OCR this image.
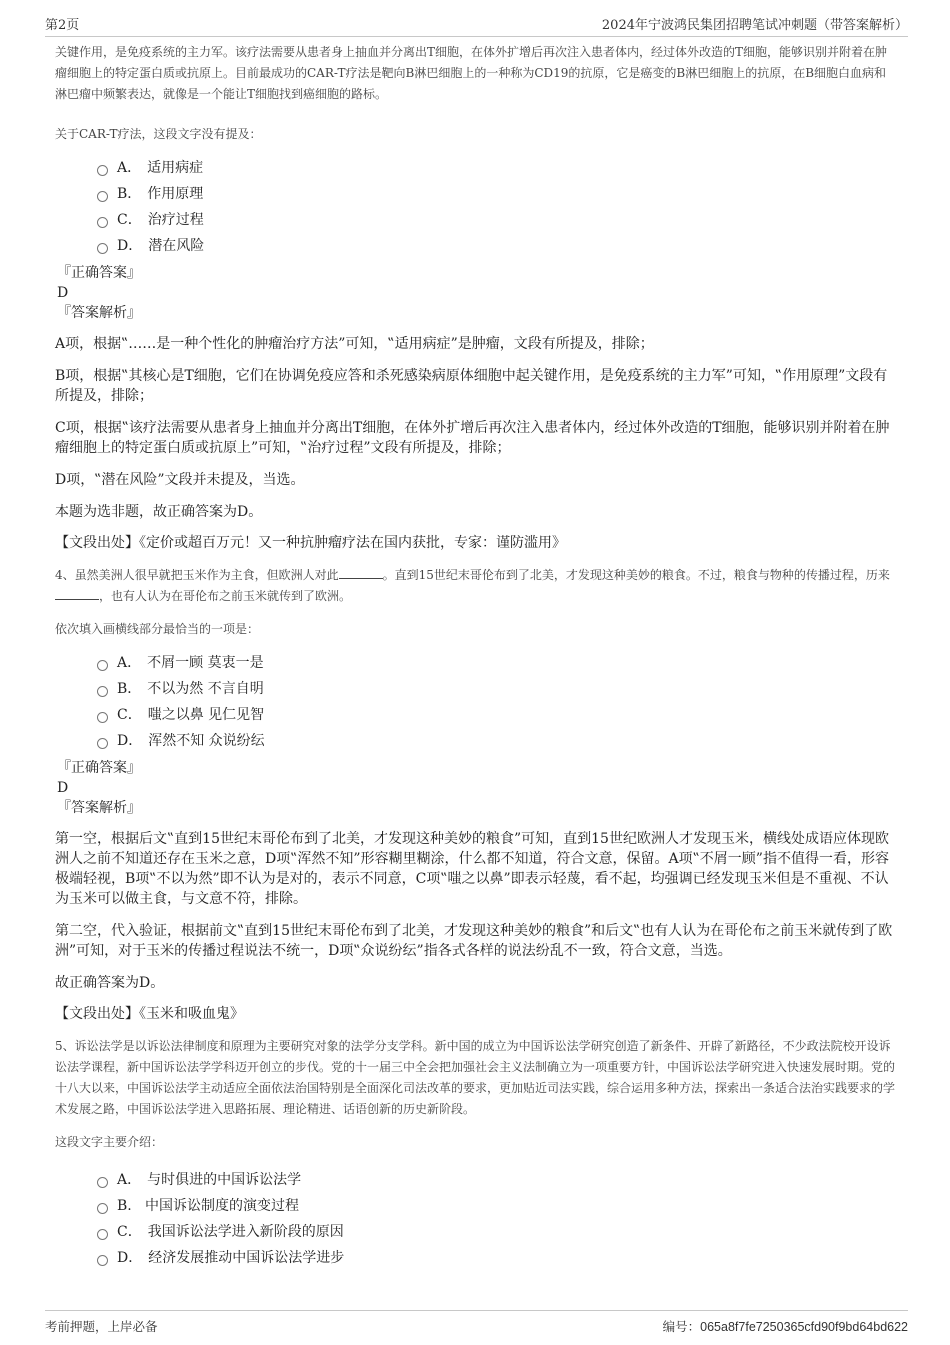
第2页	2024年宁波鸿民集团招聘笔试冲刺题（带答案解析）

关键作用，是免疫系统的主力军。该疗法需要从患者身上抽血并分离出T细胞，在体外扩增后再次注入患者体内，经过体外改造的T细胞，能够识别并附着在肿瘤细胞上的特定蛋白质或抗原上。目前最成功的CAR-T疗法是靶向B淋巴细胞上的一种称为CD19的抗原，它是癌变的B淋巴细胞上的抗原，在B细胞白血病和淋巴瘤中频繁表达，就像是一个能让T细胞找到癌细胞的路标。

关于CAR-T疗法，这段文字没有提及：

A． 适用病症
B． 作用原理
C． 治疗过程
D． 潜在风险

『正确答案』

D

『答案解析』

A项，根据‟……是一种个性化的肿瘤治疗方法”可知，‟适用病症”是肿瘤，文段有所提及，排除；

B项，根据‟其核心是T细胞，它们在协调免疫应答和杀死感染病原体细胞中起关键作用，是免疫系统的主力军”可知，‟作用原理”文段有所提及，排除；

C项，根据‟该疗法需要从患者身上抽血并分离出T细胞，在体外扩增后再次注入患者体内，经过体外改造的T细胞，能够识别并附着在肿瘤细胞上的特定蛋白质或抗原上”可知，‟治疗过程”文段有所提及，排除；

D项，‟潜在风险”文段并未提及，当选。

本题为选非题，故正确答案为D。

【文段出处】《定价或超百万元！又一种抗肿瘤疗法在国内获批，专家：谨防滥用》

4、虽然美洲人很早就把玉米作为主食，但欧洲人对此	。直到15世纪末哥伦布到了北美，才发现这种美妙的粮食。不过，粮食与物种的传播过程，历来，也有人认为在哥伦布之前玉米就传到了欧洲。

依次填入画横线部分最恰当的一项是：

A． 不屑一顾 莫衷一是
B． 不以为然 不言自明
C． 嗤之以鼻 见仁见智
D． 浑然不知 众说纷纭

『正确答案』

D

『答案解析』

第一空，根据后文‟直到15世纪末哥伦布到了北美，才发现这种美妙的粮食”可知，直到15世纪欧洲人才发现玉米，横线处成语应体现欧洲人之前不知道还存在玉米之意，D项‟浑然不知”形容糊里糊涂，什么都不知道，符合文意，保留。A项‟不屑一顾”指不值得一看，形容极端轻视，B项‟不以为然”即不认为是对的，表示不同意，C项‟嗤之以鼻”即表示轻蔑，看不起，均强调已经发现玉米但是不重视、不认为玉米可以做主食，与文意不符，排除。

第二空，代入验证，根据前文‟直到15世纪末哥伦布到了北美，才发现这种美妙的粮食”和后文‟也有人认为在哥伦布之前玉米就传到了欧洲”可知，对于玉米的传播过程说法不统一，D项‟众说纷纭”指各式各样的说法纷乱不一致，符合文意，当选。

故正确答案为D。

【文段出处】《玉米和吸血鬼》

5、诉讼法学是以诉讼法律制度和原理为主要研究对象的法学分支学科。新中国的成立为中国诉讼法学研究创造了新条件、开辟了新路径，不少政法院校开设诉讼法学课程，新中国诉讼法学学科迈开创立的步伐。党的十一届三中全会把加强社会主义法制确立为一项重要方针，中国诉讼法学研究进入快速发展时期。党的十八大以来，中国诉讼法学主动适应全面依法治国特别是全面深化司法改革的要求，更加贴近司法实践，综合运用多种方法，探索出一条适合法治实践要求的学术发展之路，中国诉讼法学进入思路拓展、理论精进、话语创新的历史新阶段。

这段文字主要介绍：

A． 与时俱进的中国诉讼法学
B. 中国诉讼制度的演变过程
C． 我国诉讼法学进入新阶段的原因
D． 经济发展推动中国诉讼法学进步
考前押题，上岸必备	编号：065a8f7fe7250365cfd90f9bd64bd622
